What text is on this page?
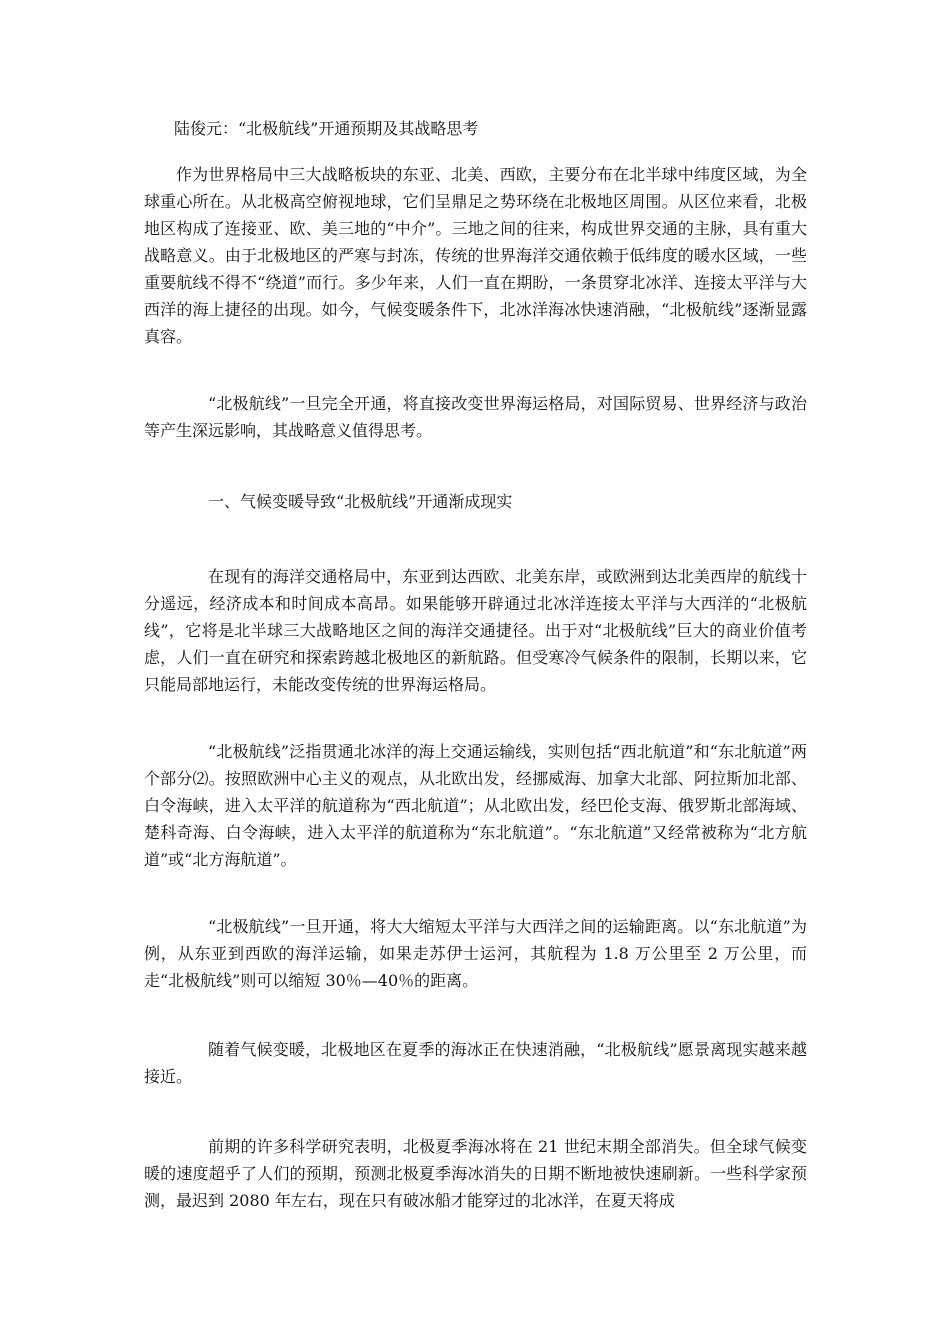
陆俊元：“北极航线”开通预期及其战略思考

作为世界格局中三大战略板块的东亚、北美、西欧，主要分布在北半球中纬度区域，为全球重心所在。从北极高空俯视地球，它们呈鼎足之势环绕在北极地区周围。从区位来看，北极地区构成了连接亚、欧、美三地的“中介”。三地之间的往来，构成世界交通的主脉，具有重大战略意义。由于北极地区的严寒与封冻，传统的世界海洋交通依赖于低纬度的暖水区域，一些重要航线不得不“绕道”而行。多少年来，人们一直在期盼，一条贯穿北冰洋、连接太平洋与大西洋的海上捷径的出现。如今，气候变暖条件下，北冰洋海冰快速消融，“北极航线”逐渐显露真容。

“北极航线”一旦完全开通，将直接改变世界海运格局，对国际贸易、世界经济与政治等产生深远影响，其战略意义值得思考。

一、气候变暖导致“北极航线”开通渐成现实

在现有的海洋交通格局中，东亚到达西欧、北美东岸，或欧洲到达北美西岸的航线十分遥远，经济成本和时间成本高昂。如果能够开辟通过北冰洋连接太平洋与大西洋的“北极航线”，它将是北半球三大战略地区之间的海洋交通捷径。出于对“北极航线”巨大的商业价值考虑，人们一直在研究和探索跨越北极地区的新航路。但受寒冷气候条件的限制，长期以来，它只能局部地运行，未能改变传统的世界海运格局。

“北极航线”泛指贯通北冰洋的海上交通运输线，实则包括“西北航道”和“东北航道”两个部分⑵。按照欧洲中心主义的观点，从北欧出发，经挪威海、加拿大北部、阿拉斯加北部、白令海峡，进入太平洋的航道称为“西北航道”；从北欧出发，经巴伦支海、俄罗斯北部海域、楚科奇海、白令海峡，进入太平洋的航道称为“东北航道”。“东北航道”又经常被称为“北方航道”或“北方海航道”。

“北极航线”一旦开通，将大大缩短太平洋与大西洋之间的运输距离。以“东北航道”为例，从东亚到西欧的海洋运输，如果走苏伊士运河，其航程为 1.8 万公里至 2 万公里，而走“北极航线”则可以缩短 30％—40％的距离。

随着气候变暖，北极地区在夏季的海冰正在快速消融，“北极航线”愿景离现实越来越接近。

前期的许多科学研究表明，北极夏季海冰将在 21 世纪末期全部消失。但全球气候变暖的速度超乎了人们的预期，预测北极夏季海冰消失的日期不断地被快速刷新。一些科学家预测，最迟到 2080 年左右，现在只有破冰船才能穿过的北冰洋，在夏天将成
